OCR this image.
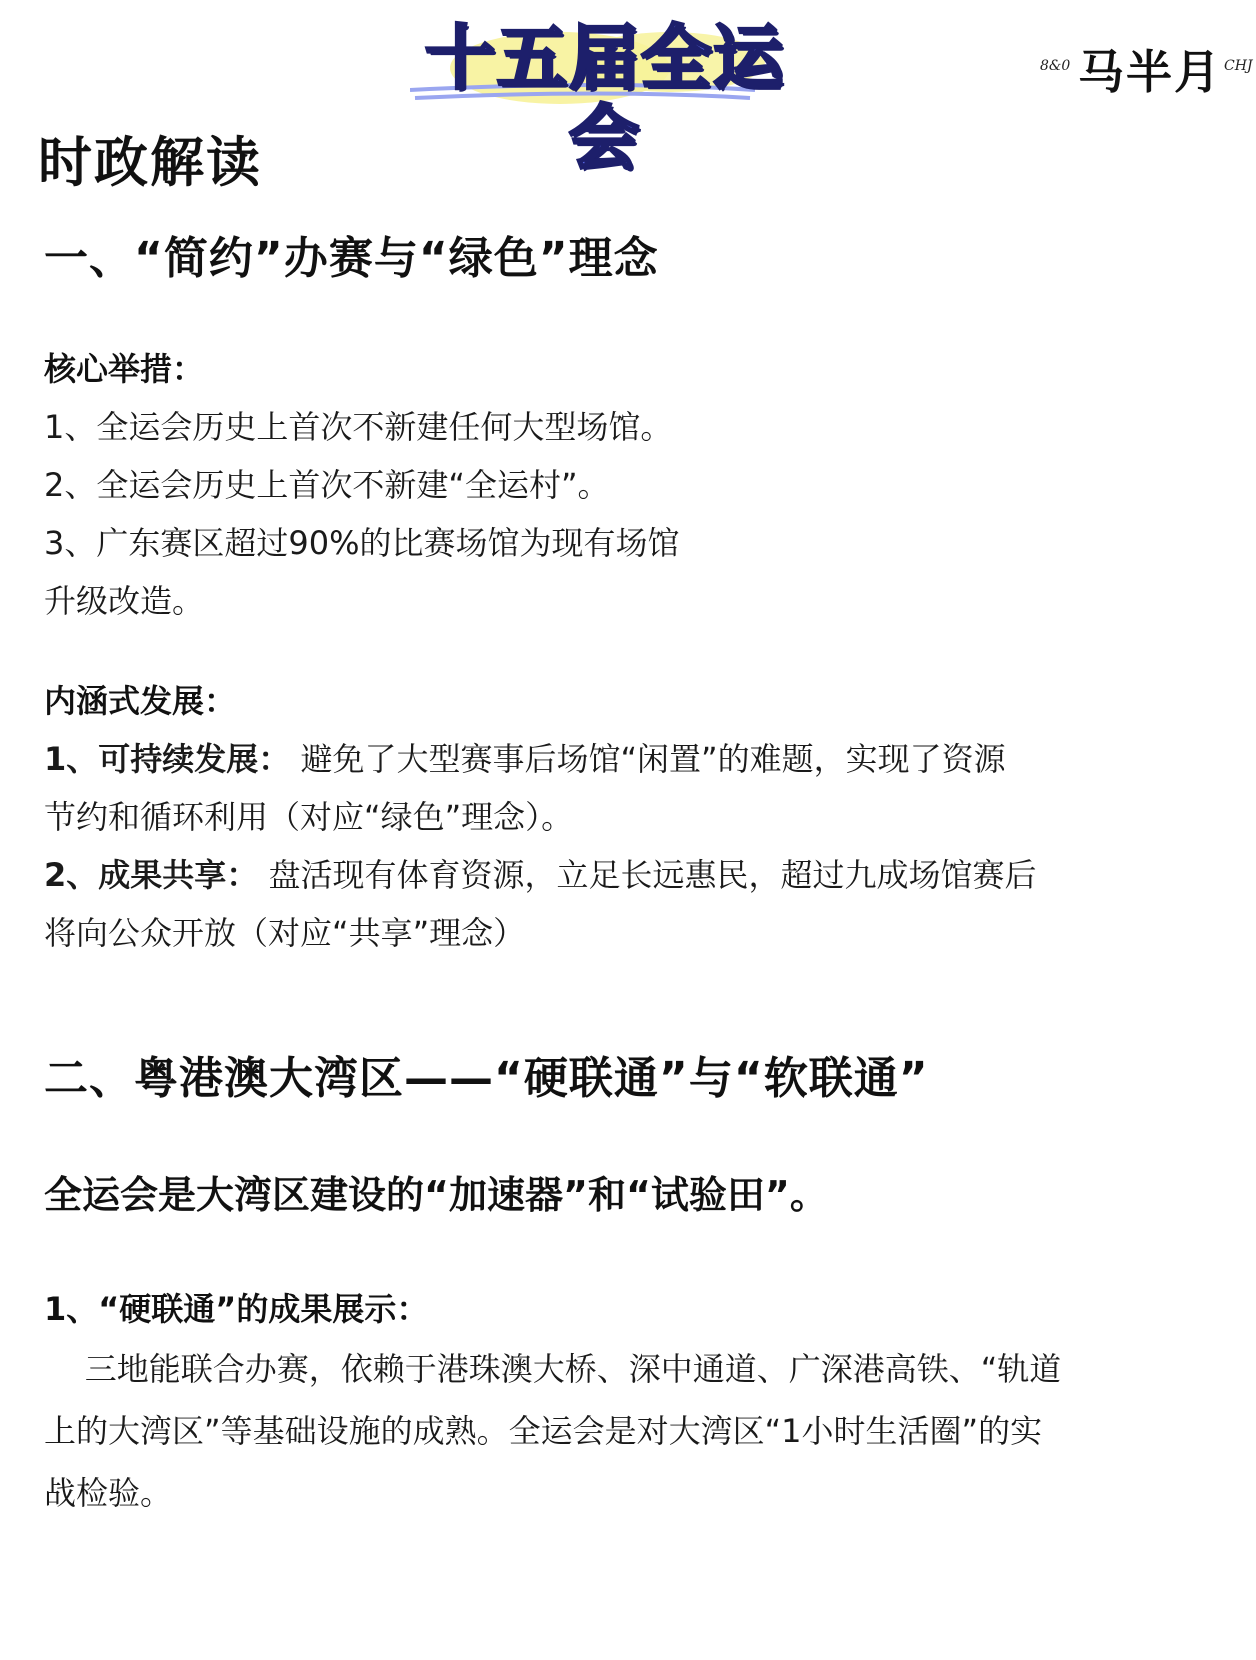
十五届全运会
8&0 马半月 CHJ
时政解读
一、“简约”办赛与“绿色”理念
核心举措：
1、全运会历史上首次不新建任何大型场馆。
2、全运会历史上首次不新建“全运村”。
3、广东赛区超过90%的比赛场馆为现有场馆
升级改造。
内涵式发展：
1、可持续发展： 避免了大型赛事后场馆“闲置”的难题，实现了资源
节约和循环利用（对应“绿色”理念）。
2、成果共享： 盘活现有体育资源，立足长远惠民，超过九成场馆赛后
将向公众开放（对应“共享”理念）
二、粤港澳大湾区——“硬联通”与“软联通”
全运会是大湾区建设的“加速器”和“试验田”。
1、“硬联通”的成果展示：
三地能联合办赛，依赖于港珠澳大桥、深中通道、广深港高铁、“轨道
上的大湾区”等基础设施的成熟。全运会是对大湾区“1小时生活圈”的实
战检验。
